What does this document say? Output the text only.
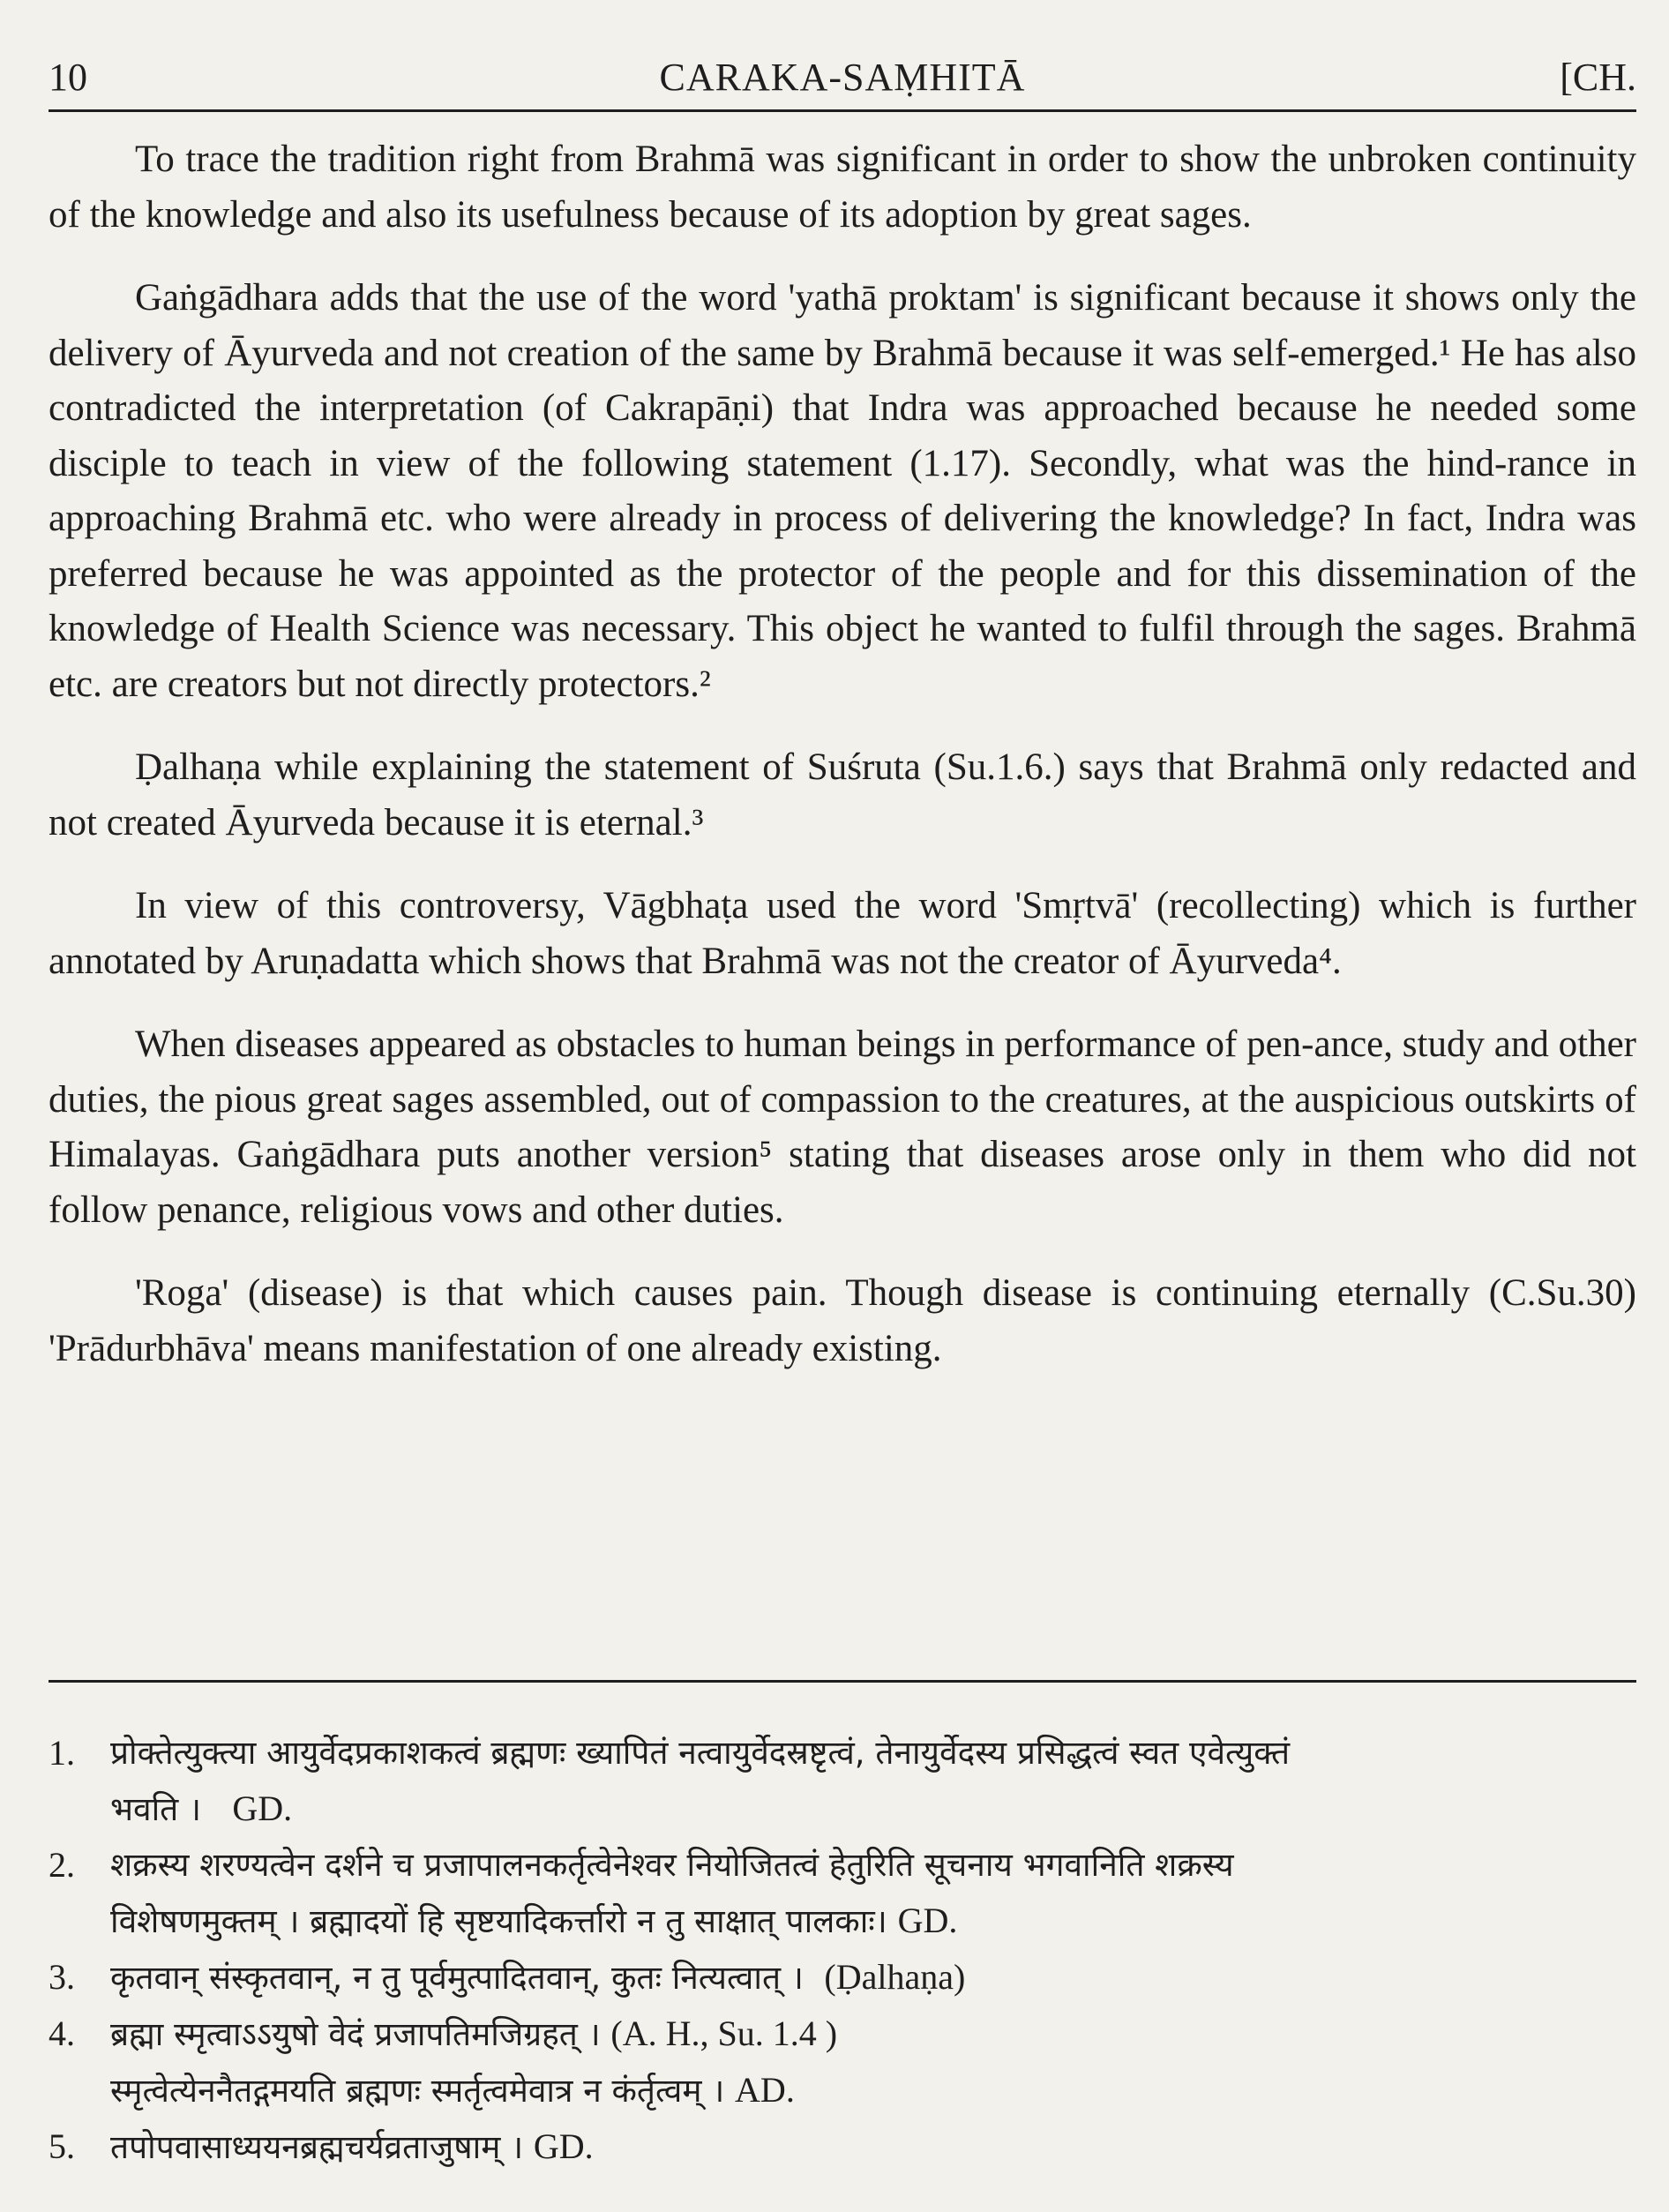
10	CARAKA-SAṂHITĀ	[CH.

To trace the tradition right from Brahmā was significant in order to show the unbroken continuity of the knowledge and also its usefulness because of its adoption by great sages.

Gaṅgādhara adds that the use of the word 'yathā proktam' is significant because it shows only the delivery of Āyurveda and not creation of the same by Brahmā because it was self-emerged.¹ He has also contradicted the interpretation (of Cakrapāṇi) that Indra was approached because he needed some disciple to teach in view of the following statement (1.17). Secondly, what was the hind-rance in approaching Brahmā etc. who were already in process of delivering the knowledge? In fact, Indra was preferred because he was appointed as the protector of the people and for this dissemination of the knowledge of Health Science was necessary. This object he wanted to fulfil through the sages. Brahmā etc. are creators but not directly protectors.²

Ḍalhaṇa while explaining the statement of Suśruta (Su.1.6.) says that Brahmā only redacted and not created Āyurveda because it is eternal.³

In view of this controversy, Vāgbhaṭa used the word 'Smṛtvā' (recollecting) which is further annotated by Aruṇadatta which shows that Brahmā was not the creator of Āyurveda⁴.

When diseases appeared as obstacles to human beings in performance of pen-ance, study and other duties, the pious great sages assembled, out of compassion to the creatures, at the auspicious outskirts of Himalayas. Gaṅgādhara puts another version⁵ stating that diseases arose only in them who did not follow penance, religious vows and other duties.

'Roga' (disease) is that which causes pain. Though disease is continuing eternally (C.Su.30) 'Prādurbhāva' means manifestation of one already existing.

1. प्रोक्तेत्युक्त्या आयुर्वेदप्रकाशकत्वं ब्रह्मणः ख्यापितं नत्वायुर्वेदस्रष्टृत्वं, तेनायुर्वेदस्य प्रसिद्धत्वं स्वत एवेत्युक्तं
भवति । GD.
2. शक्रस्य शरण्यत्वेन दर्शने च प्रजापालनकर्तृत्वेनेश्वर नियोजितत्वं हेतुरिति सूचनाय भगवानिति शक्रस्य
विशेषणमुक्तम् । ब्रह्मादयों हि सृष्टयादिकर्त्तारो न तु साक्षात् पालकाः। GD.
3. कृतवान् संस्कृतवान्, न तु पूर्वमुत्पादितवान्, कुतः नित्यत्वात् । (Ḍalhaṇa)
4. ब्रह्मा स्मृत्वाऽऽयुषो वेदं प्रजापतिमजिग्रहत् । (A. H., Su. 1.4 )
स्मृत्वेत्येननैतद्गमयति ब्रह्मणः स्मर्तृत्वमेवात्र न कंर्तृत्वम् । AD.
5. तपोपवासाध्ययनब्रह्मचर्यव्रताजुषाम् । GD.
